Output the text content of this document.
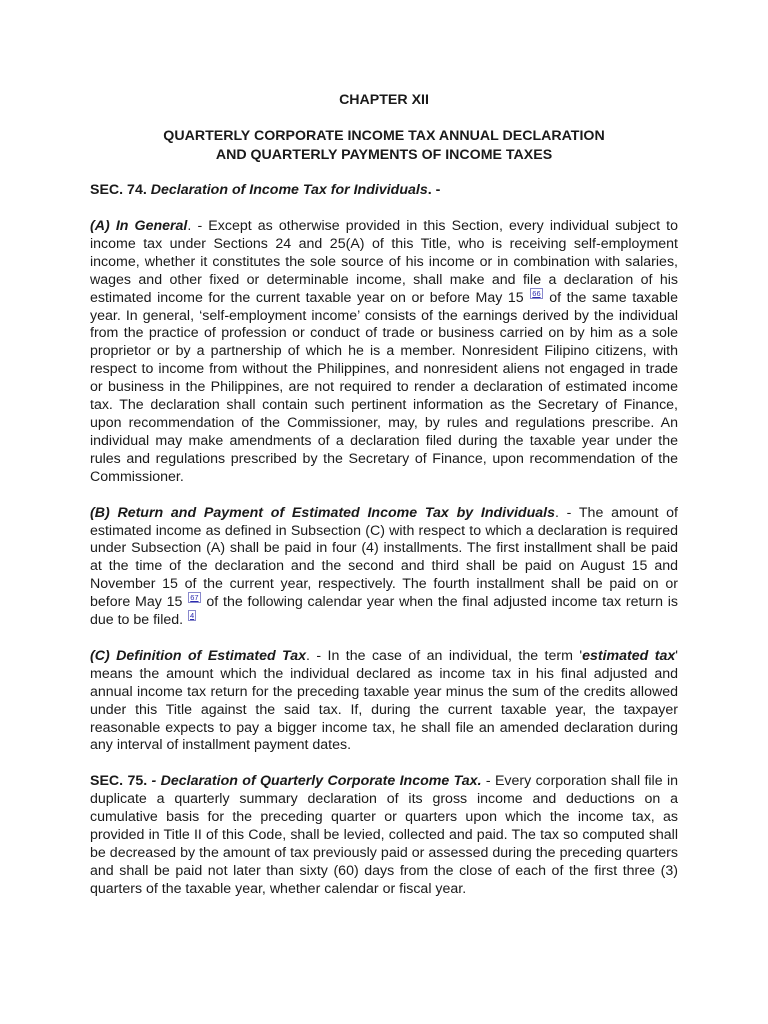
CHAPTER XII
QUARTERLY CORPORATE INCOME TAX ANNUAL DECLARATION
AND QUARTERLY PAYMENTS OF INCOME TAXES
SEC. 74. Declaration of Income Tax for Individuals. -

(A) In General. - Except as otherwise provided in this Section, every individual subject to income tax under Sections 24 and 25(A) of this Title, who is receiving self-employment income, whether it constitutes the sole source of his income or in combination with salaries, wages and other fixed or determinable income, shall make and file a declaration of his estimated income for the current taxable year on or before May 15 $^{66}$ of the same taxable year. In general, ‘self-employment income’ consists of the earnings derived by the individual from the practice of profession or conduct of trade or business carried on by him as a sole proprietor or by a partnership of which he is a member. Nonresident Filipino citizens, with respect to income from without the Philippines, and nonresident aliens not engaged in trade or business in the Philippines, are not required to render a declaration of estimated income tax. The declaration shall contain such pertinent information as the Secretary of Finance, upon recommendation of the Commissioner, may, by rules and regulations prescribe. An individual may make amendments of a declaration filed during the taxable year under the rules and regulations prescribed by the Secretary of Finance, upon recommendation of the Commissioner.

(B) Return and Payment of Estimated Income Tax by Individuals. - The amount of estimated income as defined in Subsection (C) with respect to which a declaration is required under Subsection (A) shall be paid in four (4) installments. The first installment shall be paid at the time of the declaration and the second and third shall be paid on August 15 and November 15 of the current year, respectively. The fourth installment shall be paid on or before May 15 $^{67}$ of the following calendar year when the final adjusted income tax return is due to be filed. $^4$

(C) Definition of Estimated Tax. - In the case of an individual, the term 'estimated tax' means the amount which the individual declared as income tax in his final adjusted and annual income tax return for the preceding taxable year minus the sum of the credits allowed under this Title against the said tax. If, during the current taxable year, the taxpayer reasonable expects to pay a bigger income tax, he shall file an amended declaration during any interval of installment payment dates.

SEC. 75. - Declaration of Quarterly Corporate Income Tax. - Every corporation shall file in duplicate a quarterly summary declaration of its gross income and deductions on a cumulative basis for the preceding quarter or quarters upon which the income tax, as provided in Title II of this Code, shall be levied, collected and paid. The tax so computed shall be decreased by the amount of tax previously paid or assessed during the preceding quarters and shall be paid not later than sixty (60) days from the close of each of the first three (3) quarters of the taxable year, whether calendar or fiscal year.
